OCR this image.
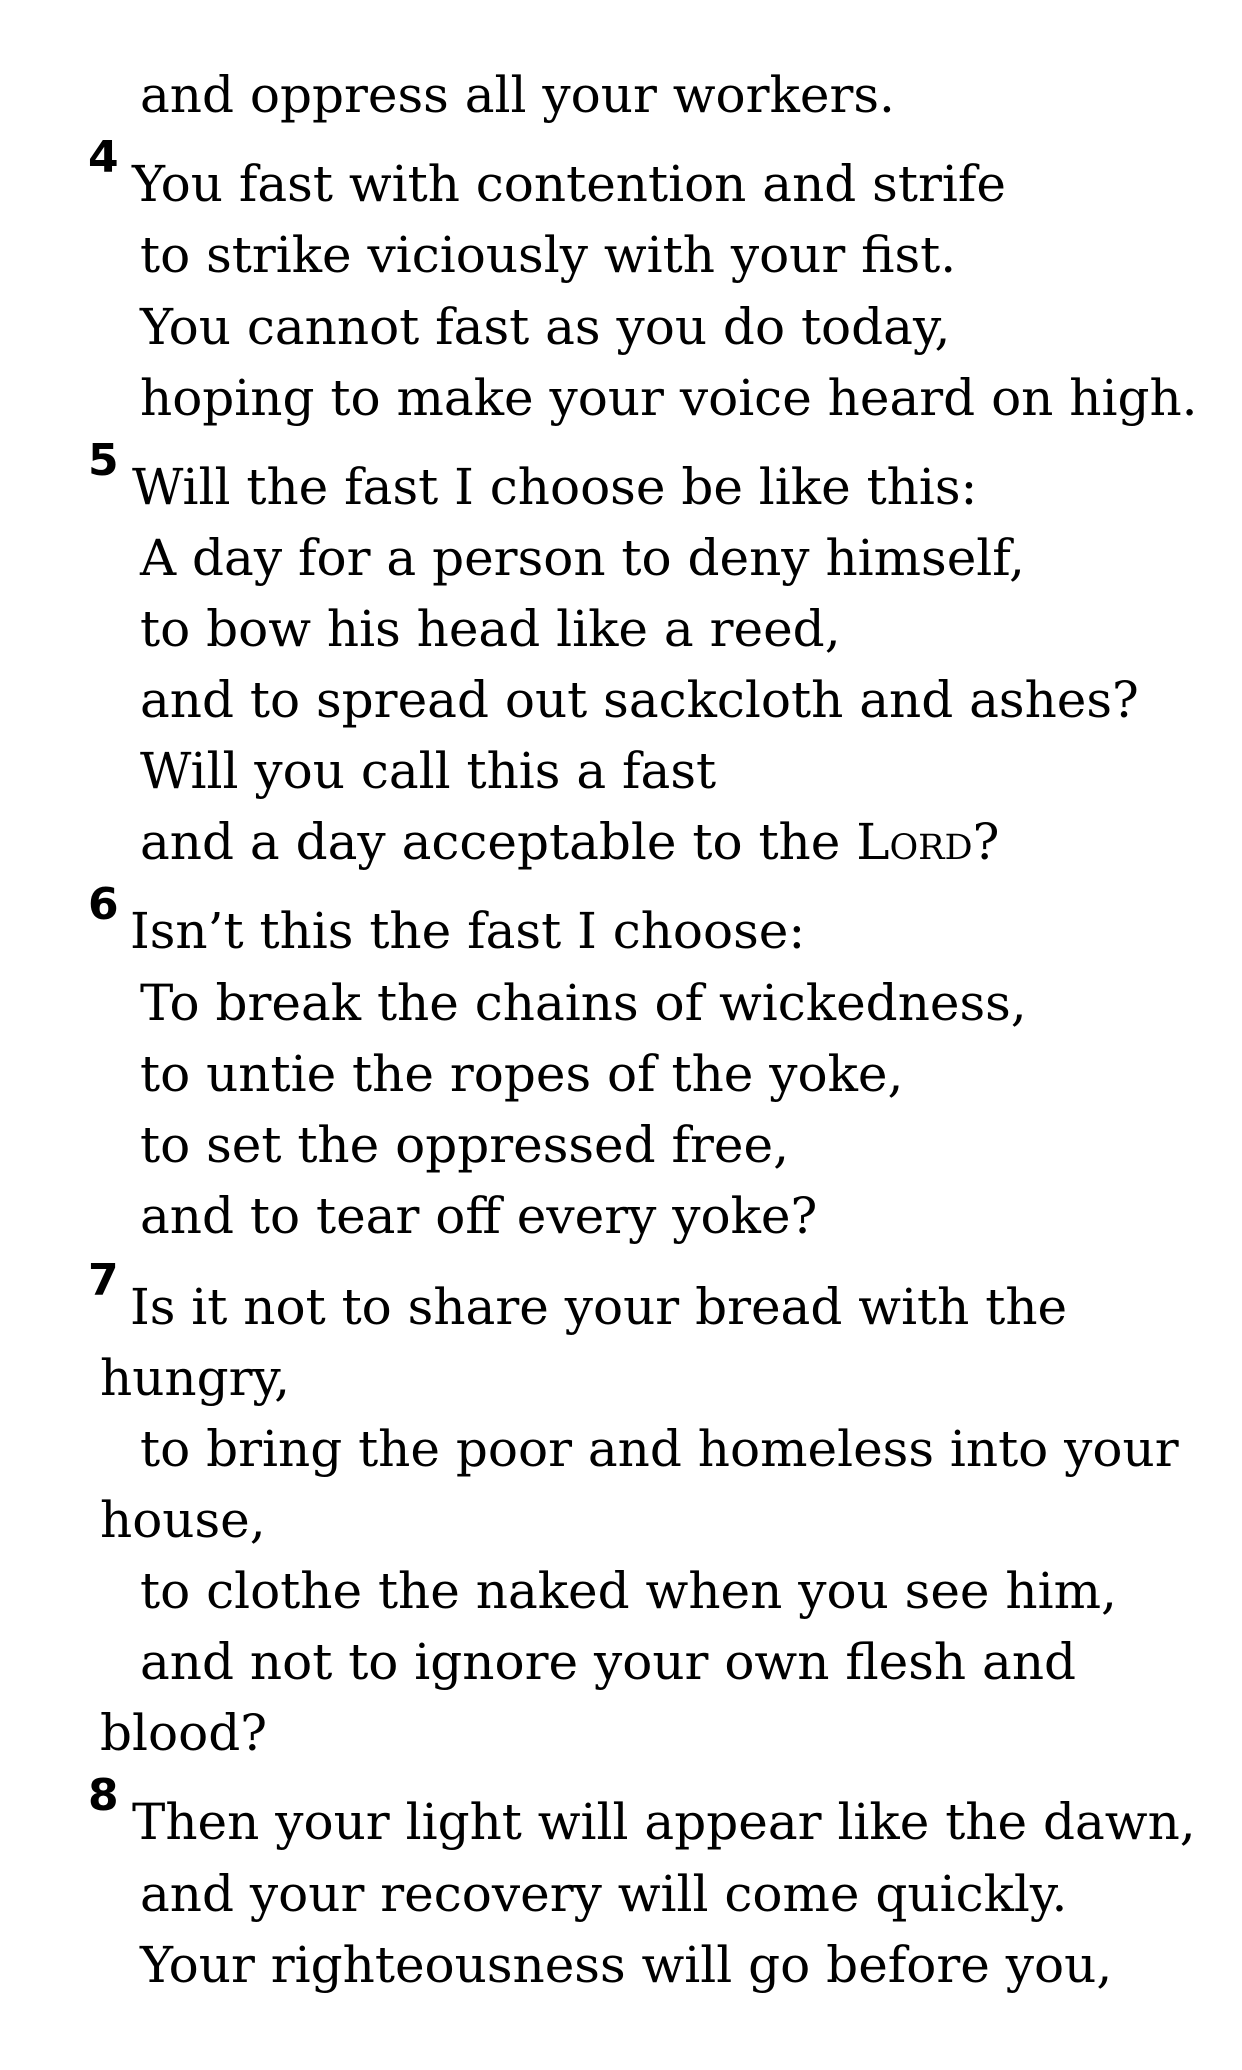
and oppress all your workers.
You fast with contention and strife
4
to strike viciously with your fist.
You cannot fast as you do today,
hoping to make your voice heard on high.
Will the fast I choose be like this:
5
A day for a person to deny himself,
to bow his head like a reed,
and to spread out sackcloth and ashes?
Will you call this a fast
and a day acceptable to the Lord?
Isn’t this the fast I choose:
6
To break the chains of wickedness,
to untie the ropes of the yoke,
to set the oppressed free,
and to tear off every yoke?
Is it not to share your bread with the
7
hungry,
to bring the poor and homeless into your
house,
to clothe the naked when you see him,
and not to ignore your own flesh and
blood?
Then your light will appear like the dawn,
8
and your recovery will come quickly.
Your righteousness will go before you,
